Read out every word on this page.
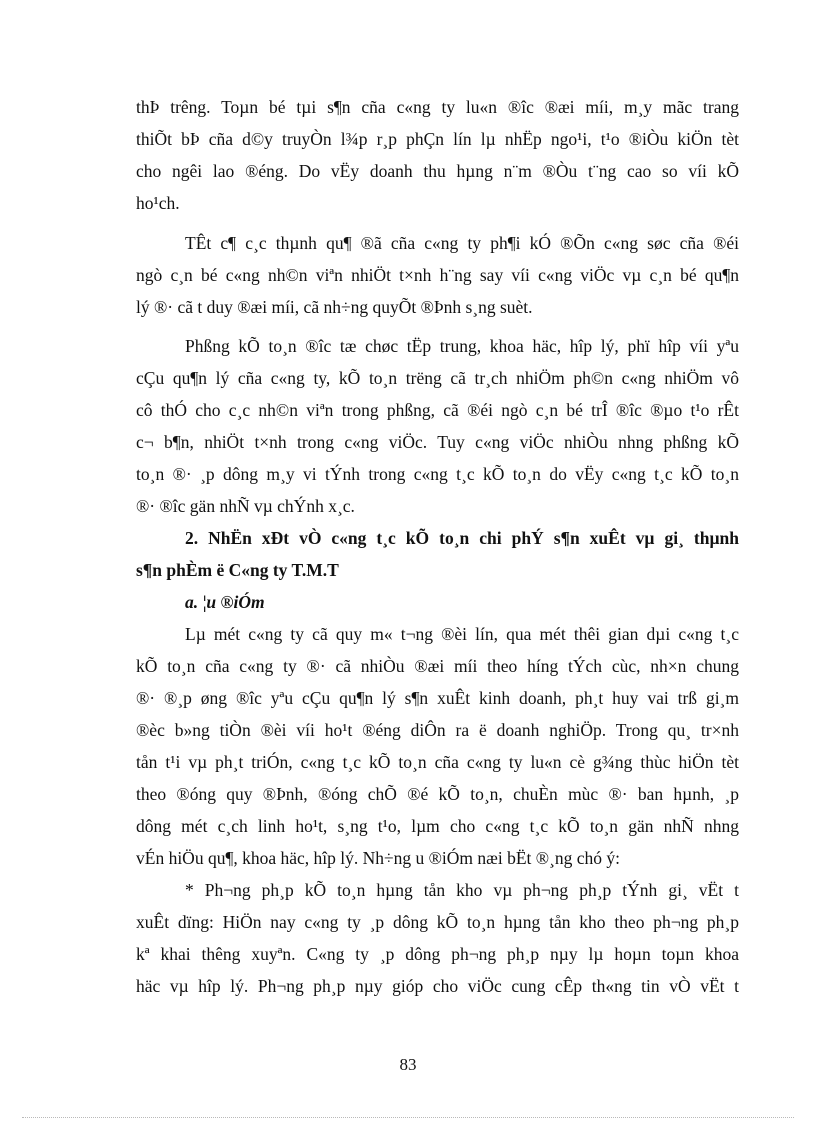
thÞ trêng. Toµn bé tµi s¶n cña c«ng ty lu«n ®îc ®æi míi, m¸y mãc trang
thiÕt bÞ cña d©y truyÒn l¾p r¸p phÇn lín lµ nhËp ngo¹i, t¹o ®iÒu kiÖn tèt
cho ngêi lao ®éng. Do vËy doanh thu hµng n¨m ®Òu t¨ng cao so víi kÕ
ho¹ch.
TÊt c¶ c¸c thµnh qu¶ ®ã cña c«ng ty ph¶i kÓ ®Õn c«ng søc cña ®éi
ngò c¸n bé c«ng nh©n viªn nhiÖt t×nh h¨ng say víi c«ng viÖc vµ c¸n bé qu¶n
lý ®· cã t duy ®æi míi, cã nh÷ng quyÕt ®Þnh s¸ng suèt.
Phßng kÕ to¸n ®îc tæ chøc tËp trung, khoa häc, hîp lý, phï hîp víi yªu
cÇu qu¶n lý cña c«ng ty, kÕ to¸n trëng cã tr¸ch nhiÖm ph©n c«ng nhiÖm vô
cô thÓ cho c¸c nh©n viªn trong phßng, cã ®éi ngò c¸n bé trÎ ®îc ®µo t¹o rÊt
c¬ b¶n, nhiÖt t×nh trong c«ng viÖc. Tuy c«ng viÖc nhiÒu nhng phßng kÕ
to¸n ®· ¸p dông m¸y vi tÝnh trong c«ng t¸c kÕ to¸n do vËy c«ng t¸c kÕ to¸n
®· ®îc gän nhÑ vµ chÝnh x¸c.
2. NhËn xÐt vÒ c«ng t¸c kÕ to¸n chi phÝ s¶n xuÊt vµ gi¸ thµnh
s¶n phÈm ë C«ng ty T.M.T
a. ¦u ®iÓm
Lµ mét c«ng ty cã quy m« t¬ng ®èi lín, qua mét thêi gian dµi c«ng t¸c
kÕ to¸n cña c«ng ty ®· cã nhiÒu ®æi míi theo híng tÝch cùc, nh×n chung
®· ®¸p øng ®îc yªu cÇu qu¶n lý s¶n xuÊt kinh doanh, ph¸t huy vai trß gi¸m
®èc b»ng tiÒn ®èi víi ho¹t ®éng diÔn ra ë doanh nghiÖp. Trong qu¸ tr×nh
tån t¹i vµ ph¸t triÓn, c«ng t¸c kÕ to¸n cña c«ng ty lu«n cè g¾ng thùc hiÖn tèt
theo ®óng quy ®Þnh, ®óng chÕ ®é kÕ to¸n, chuÈn mùc ®· ban hµnh, ¸p
dông mét c¸ch linh ho¹t, s¸ng t¹o, lµm cho c«ng t¸c kÕ to¸n gän nhÑ nhng
vÉn hiÖu qu¶, khoa häc, hîp lý. Nh÷ng u ®iÓm næi bËt ®¸ng chó ý:
* Ph¬ng ph¸p kÕ to¸n hµng tån kho vµ ph¬ng ph¸p tÝnh gi¸ vËt t
xuÊt dïng: HiÖn nay c«ng ty ¸p dông kÕ to¸n hµng tån kho theo ph¬ng ph¸p
kª khai thêng xuyªn. C«ng ty ¸p dông ph¬ng ph¸p nµy lµ hoµn toµn khoa
häc vµ hîp lý. Ph¬ng ph¸p nµy gióp cho viÖc cung cÊp th«ng tin vÒ vËt t
83
